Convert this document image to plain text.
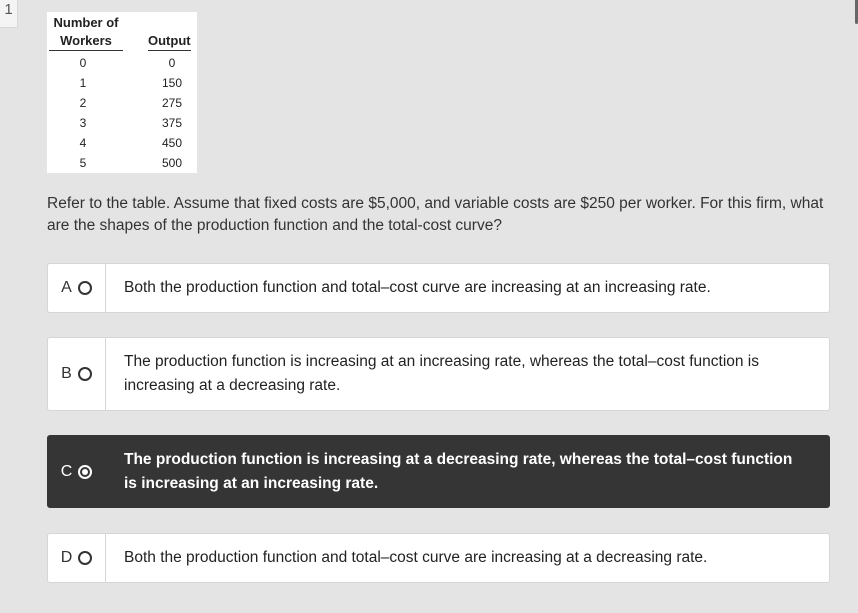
1
Number of
Workers	Output
0	0
1	150
2	275
3	375
4	450
5	500
Refer to the table. Assume that fixed costs are $5,000, and variable costs are $250 per worker. For this firm, what are the shapes of the production function and the total-cost curve?
A	Both the production function and total–cost curve are increasing at an increasing rate.
B
The production function is increasing at an increasing rate, whereas the total–cost function is increasing at a decreasing rate.
C
The production function is increasing at a decreasing rate, whereas the total–cost function is increasing at an increasing rate.
D	Both the production function and total–cost curve are increasing at a decreasing rate.
